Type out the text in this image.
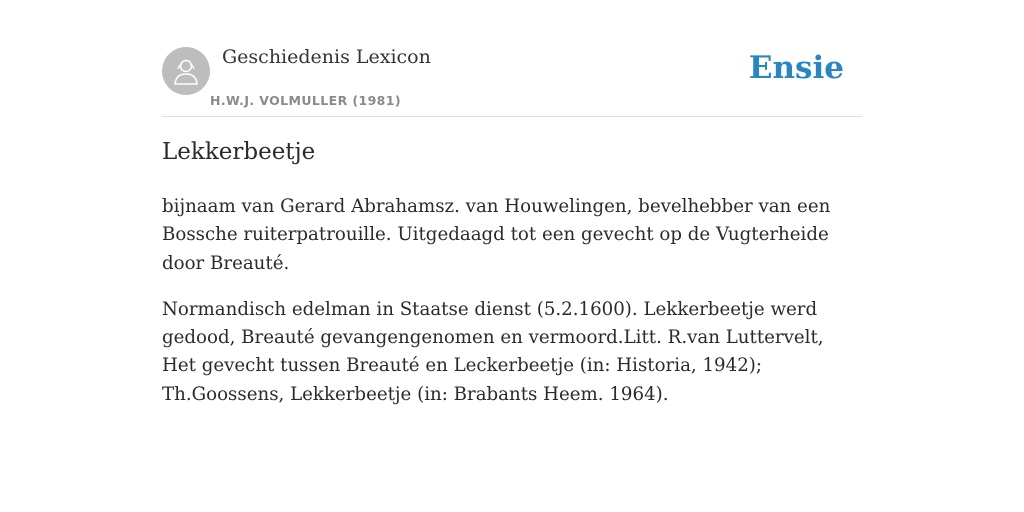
Geschiedenis Lexicon
H.W.J. VOLMULLER (1981)
Ensie
Lekkerbeetje

bijnaam van Gerard Abrahamsz. van Houwelingen, bevelhebber van een Bossche ruiterpatrouille. Uitgedaagd tot een gevecht op de Vugterheide door Breauté.

Normandisch edelman in Staatse dienst (5.2.1600). Lekkerbeetje werd gedood, Breauté gevangengenomen en vermoord.Litt. R.van Luttervelt, Het gevecht tussen Breauté en Leckerbeetje (in: Historia, 1942); Th.Goossens, Lekkerbeetje (in: Brabants Heem. 1964).
